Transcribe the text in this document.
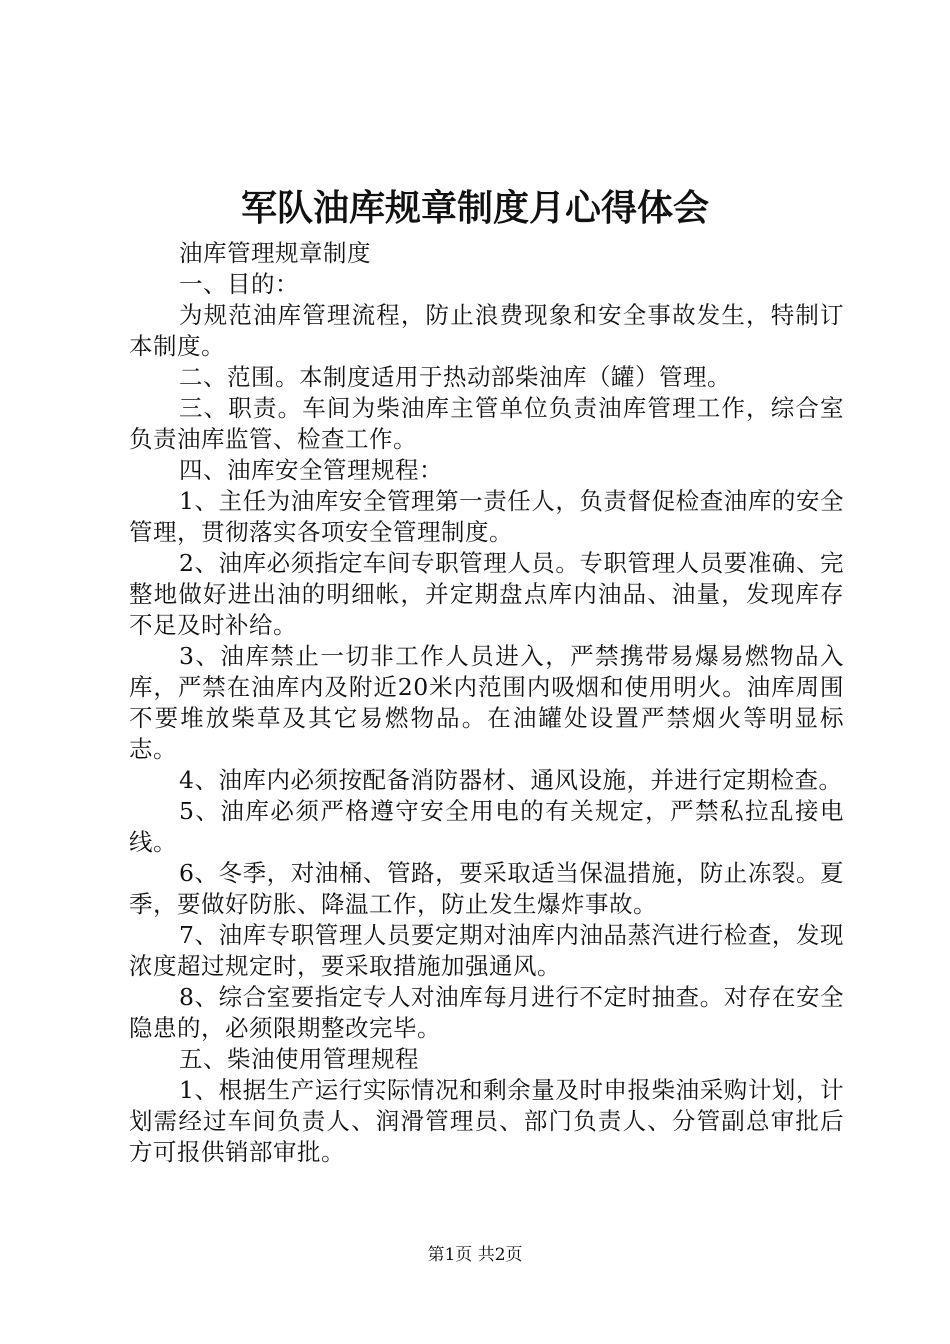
军队油库规章制度月心得体会

油库管理规章制度

一、目的：

为规范油库管理流程，防止浪费现象和安全事故发生，特制订本制度。

二、范围。本制度适用于热动部柴油库（罐）管理。

三、职责。车间为柴油库主管单位负责油库管理工作，综合室负责油库监管、检查工作。

四、油库安全管理规程：

1、主任为油库安全管理第一责任人，负责督促检查油库的安全管理，贯彻落实各项安全管理制度。

2、油库必须指定车间专职管理人员。专职管理人员要准确、完整地做好进出油的明细帐，并定期盘点库内油品、油量，发现库存不足及时补给。

3、油库禁止一切非工作人员进入，严禁携带易爆易燃物品入库，严禁在油库内及附近20米内范围内吸烟和使用明火。油库周围不要堆放柴草及其它易燃物品。在油罐处设置严禁烟火等明显标志。

4、油库内必须按配备消防器材、通风设施，并进行定期检查。

5、油库必须严格遵守安全用电的有关规定，严禁私拉乱接电线。

6、冬季，对油桶、管路，要采取适当保温措施，防止冻裂。夏季，要做好防胀、降温工作，防止发生爆炸事故。

7、油库专职管理人员要定期对油库内油品蒸汽进行检查，发现浓度超过规定时，要采取措施加强通风。

8、综合室要指定专人对油库每月进行不定时抽查。对存在安全隐患的，必须限期整改完毕。

五、柴油使用管理规程

1、根据生产运行实际情况和剩余量及时申报柴油采购计划，计划需经过车间负责人、润滑管理员、部门负责人、分管副总审批后方可报供销部审批。

第1页 共2页
